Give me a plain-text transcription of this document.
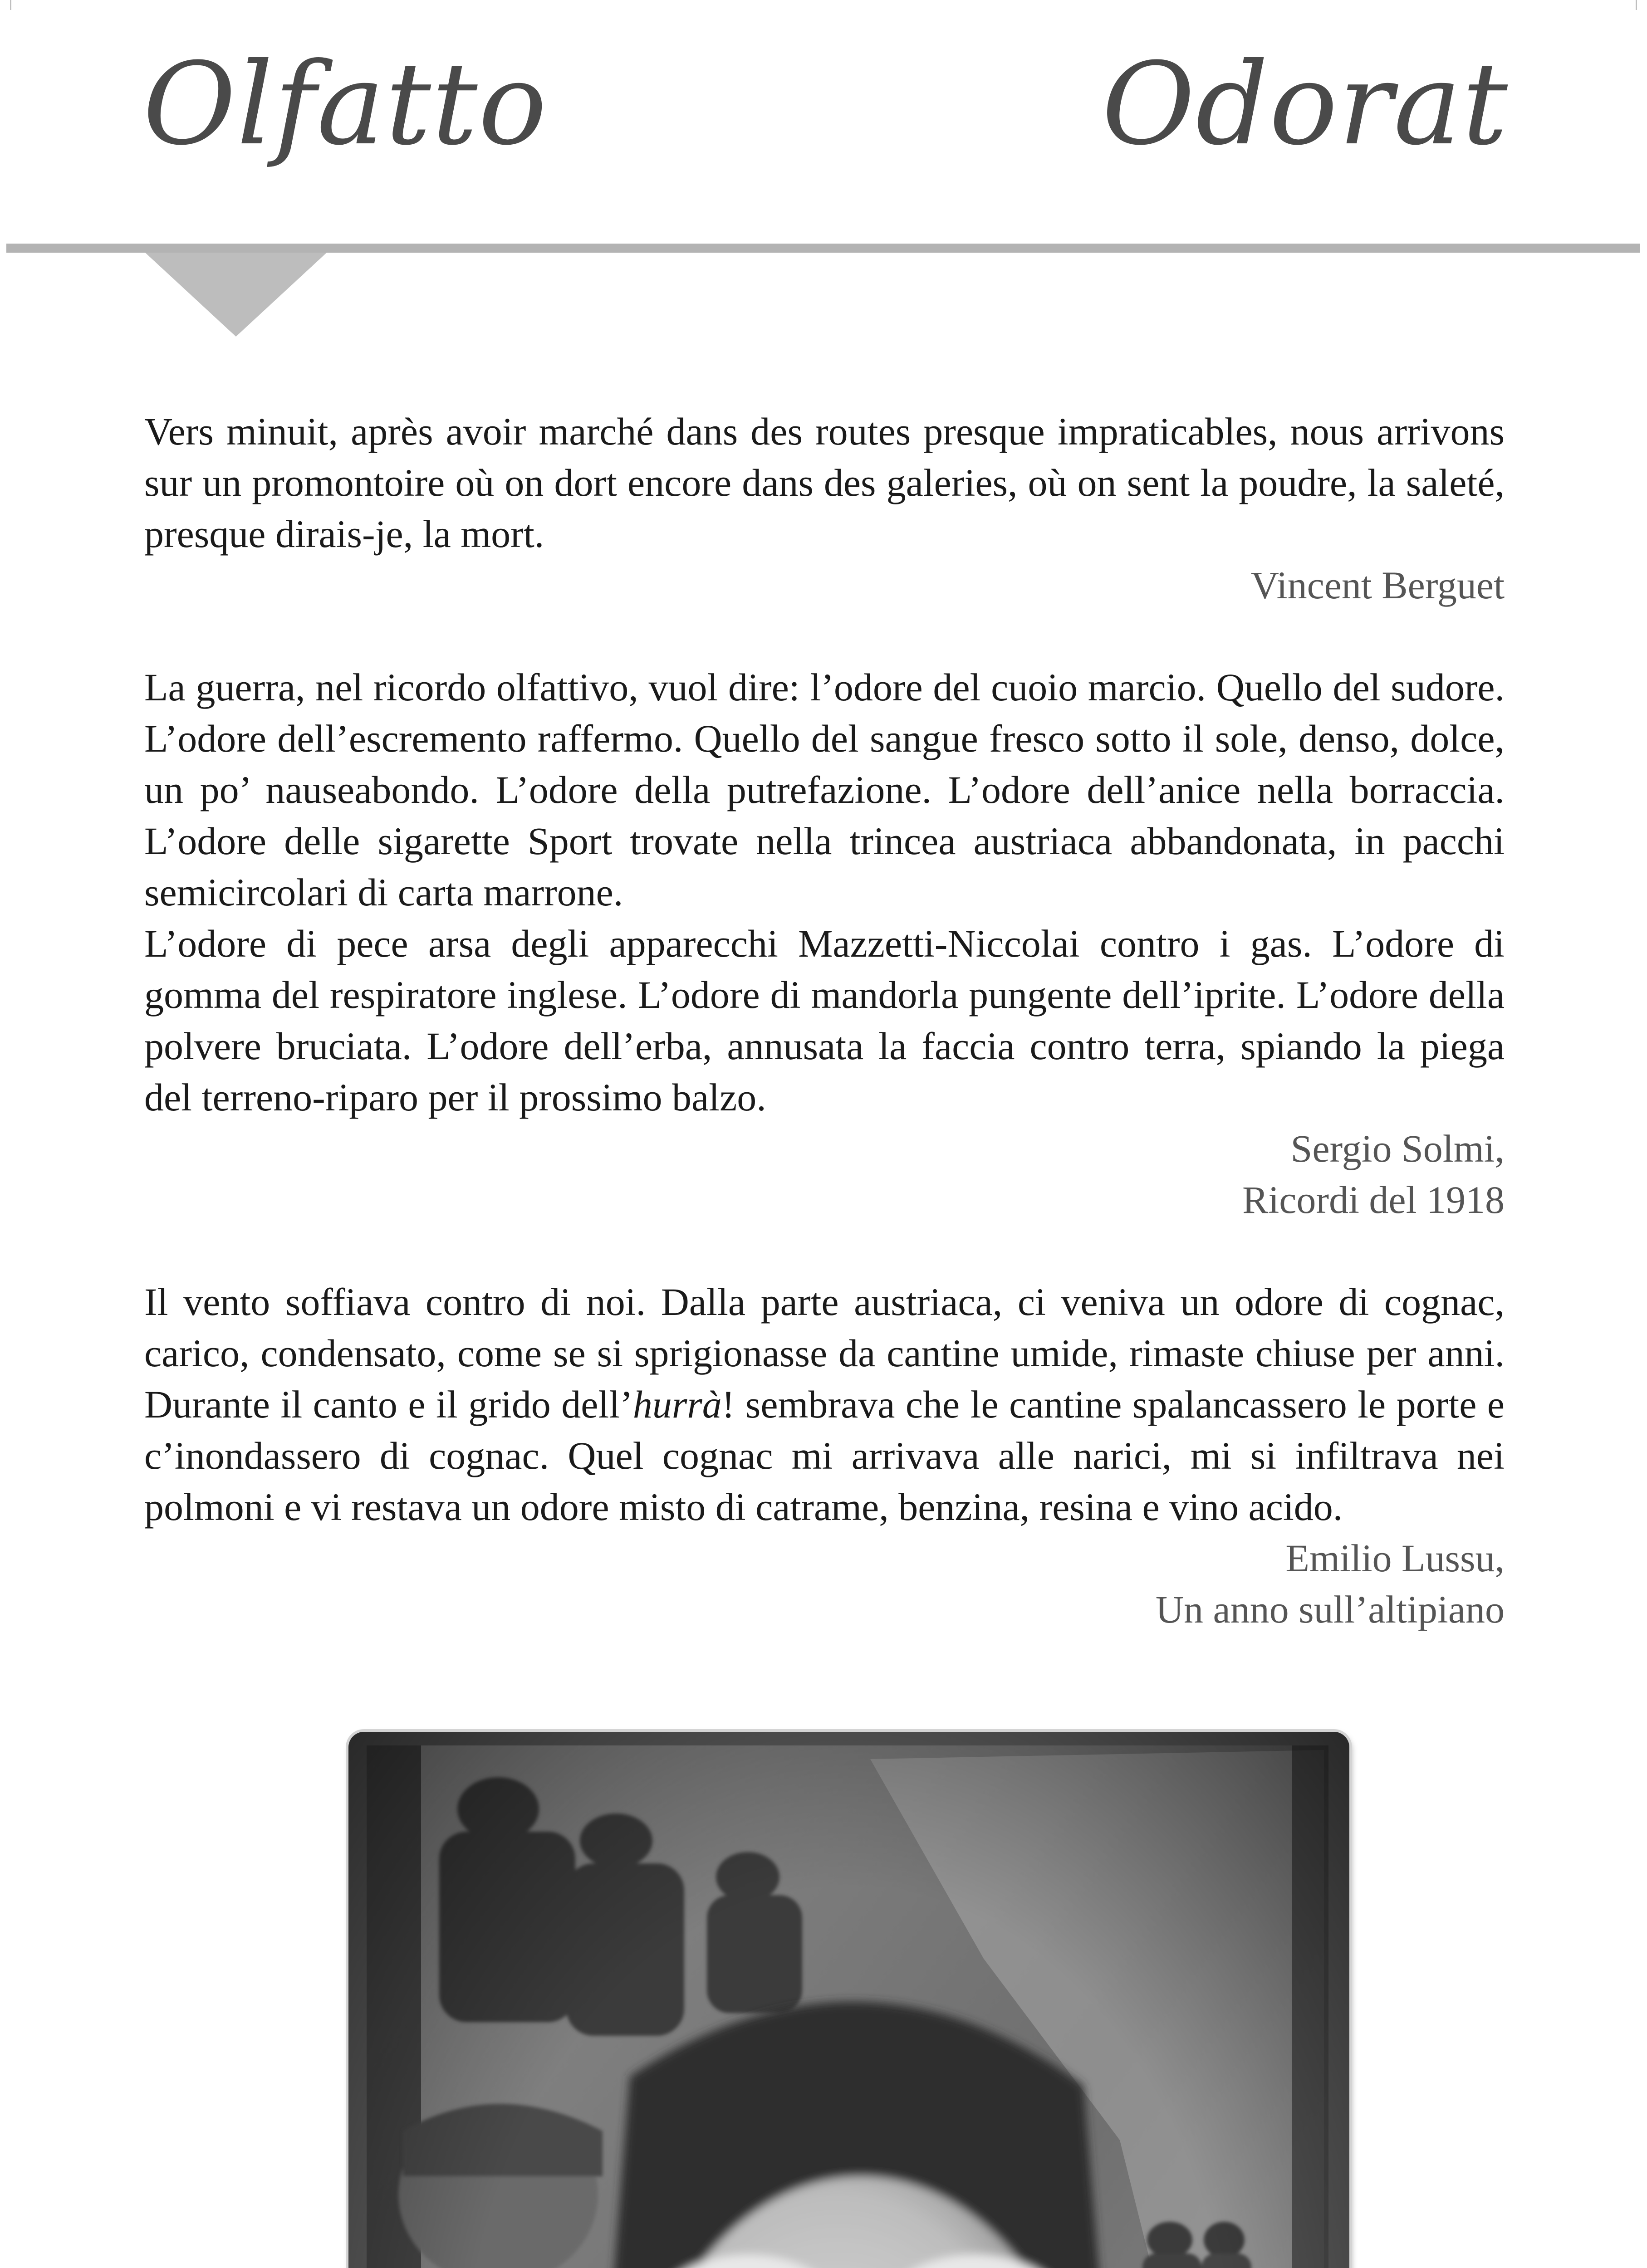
Olfatto	Odorat

Vers minuit, après avoir marché dans des routes presque impraticables, nous arrivons sur un promontoire où on dort encore dans des galeries, où on sent la poudre, la saleté, presque dirais-je, la mort.

Vincent Berguet

La guerra, nel ricordo olfattivo, vuol dire: l’odore del cuoio marcio. Quello del sudore. L’odore dell’escremento raffermo. Quello del sangue fresco sotto il sole, denso, dolce, un po’ nauseabondo. L’odore della putrefazione. L’odore dell’anice nella borraccia. L’odore delle sigarette Sport trovate nella trincea austriaca abbandonata, in pacchi semicircolari di carta marrone.

L’odore di pece arsa degli apparecchi Mazzetti-Niccolai contro i gas. L’odore di gomma del respiratore inglese. L’odore di mandorla pungente dell’iprite. L’odore della polvere bruciata. L’odore dell’erba, annusata la faccia contro terra, spiando la piega del terreno-riparo per il prossimo balzo.

Sergio Solmi,

Ricordi del 1918

Il vento soffiava contro di noi. Dalla parte austriaca, ci veniva un odore di cognac, carico, condensato, come se si sprigionasse da cantine umide, rimaste chiuse per anni. Durante il canto e il grido dell’hurrà! sembrava che le cantine spalancassero le porte e c’inondassero di cognac. Quel cognac mi arrivava alle narici, mi si infiltrava nei polmoni e vi restava un odore misto di catrame, benzina, resina e vino acido.

Emilio Lussu,

Un anno sull’altipiano
